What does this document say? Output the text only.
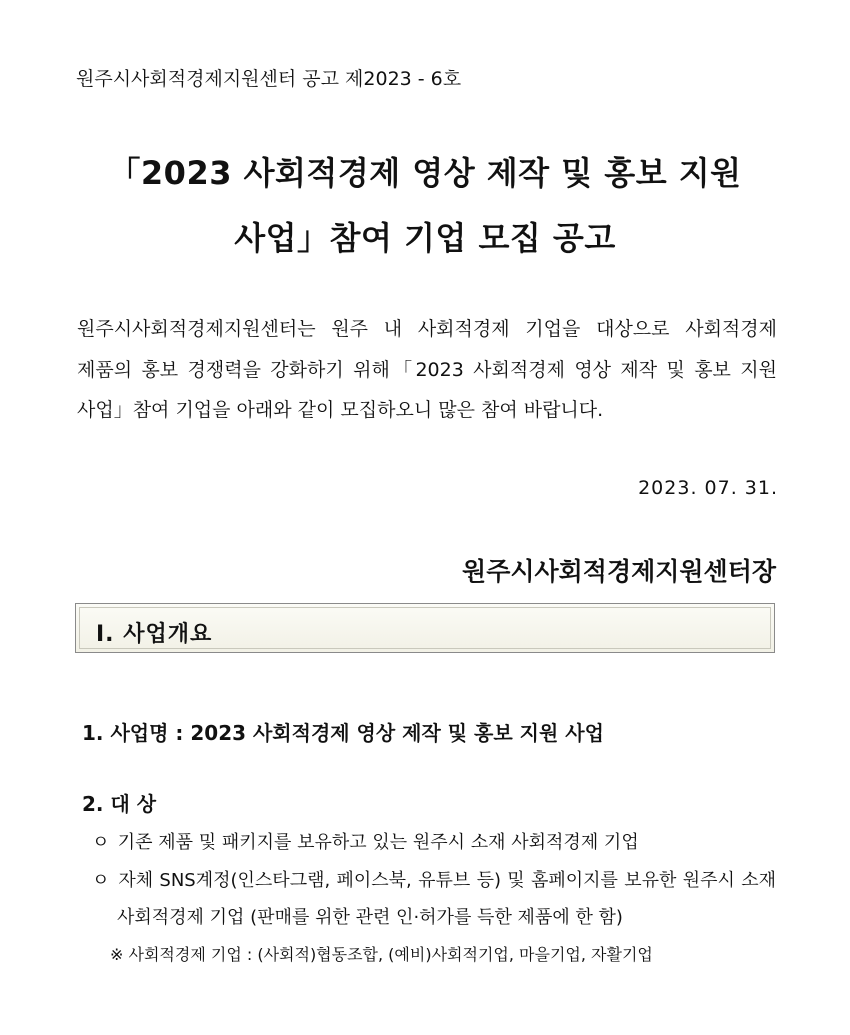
원주시사회적경제지원센터 공고 제2023 - 6호
「2023 사회적경제 영상 제작 및 홍보 지원
사업」참여 기업 모집 공고
원주시사회적경제지원센터는 원주 내 사회적경제 기업을 대상으로 사회적경제
제품의 홍보 경쟁력을 강화하기 위해「2023 사회적경제 영상 제작 및 홍보 지원
사업」참여 기업을 아래와 같이 모집하오니 많은 참여 바랍니다.
2023. 07. 31.
원주시사회적경제지원센터장
Ⅰ. 사업개요
1. 사업명 : 2023 사회적경제 영상 제작 및 홍보 지원 사업
2. 대 상
ㅇ 기존 제품 및 패키지를 보유하고 있는 원주시 소재 사회적경제 기업
ㅇ 자체 SNS계정(인스타그램, 페이스북, 유튜브 등) 및 홈페이지를 보유한 원주시 소재
사회적경제 기업 (판매를 위한 관련 인·허가를 득한 제품에 한 함)
※ 사회적경제 기업 : (사회적)협동조합, (예비)사회적기업, 마을기업, 자활기업
